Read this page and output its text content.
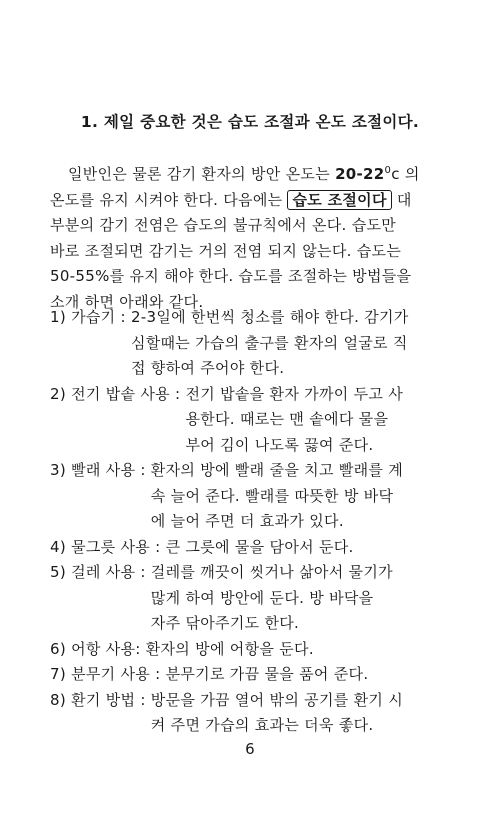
1. 제일 중요한 것은 습도 조절과 온도 조절이다.
일반인은 물론 감기 환자의 방안 온도는 $20-22^0c$ 의
온도를 유지 시켜야 한다. 다음에는 습도 조절이다 대
부분의 감기 전염은 습도의 불규칙에서 온다. 습도만
바로 조절되면 감기는 거의 전염 되지 않는다. 습도는
50-55%를 유지 해야 한다. 습도를 조절하는 방법들을
소개 하면 아래와 같다.
1) 가습기 : 2-3일에 한번씩 청소를 해야 한다. 감기가
심할때는 가습의 출구를 환자의 얼굴로 직
접 향하여 주어야 한다.
2) 전기 밥솥 사용 : 전기 밥솥을 환자 가까이 두고 사
용한다. 때로는 맨 솥에다 물을
부어 김이 나도록 끓여 준다.
3) 빨래 사용 : 환자의 방에 빨래 줄을 치고 빨래를 계
속 늘어 준다. 빨래를 따뜻한 방 바닥
에 늘어 주면 더 효과가 있다.
4) 물그릇 사용 : 큰 그릇에 물을 담아서 둔다.
5) 걸레 사용 : 걸레를 깨끗이 씻거나 삶아서 물기가
많게 하여 방안에 둔다. 방 바닥을
자주 닦아주기도 한다.
6) 어항 사용: 환자의 방에 어항을 둔다.
7) 분무기 사용 : 분무기로 가끔 물을 품어 준다.
8) 환기 방법 : 방문을 가끔 열어 밖의 공기를 환기 시
켜 주면 가습의 효과는 더욱 좋다.
6
